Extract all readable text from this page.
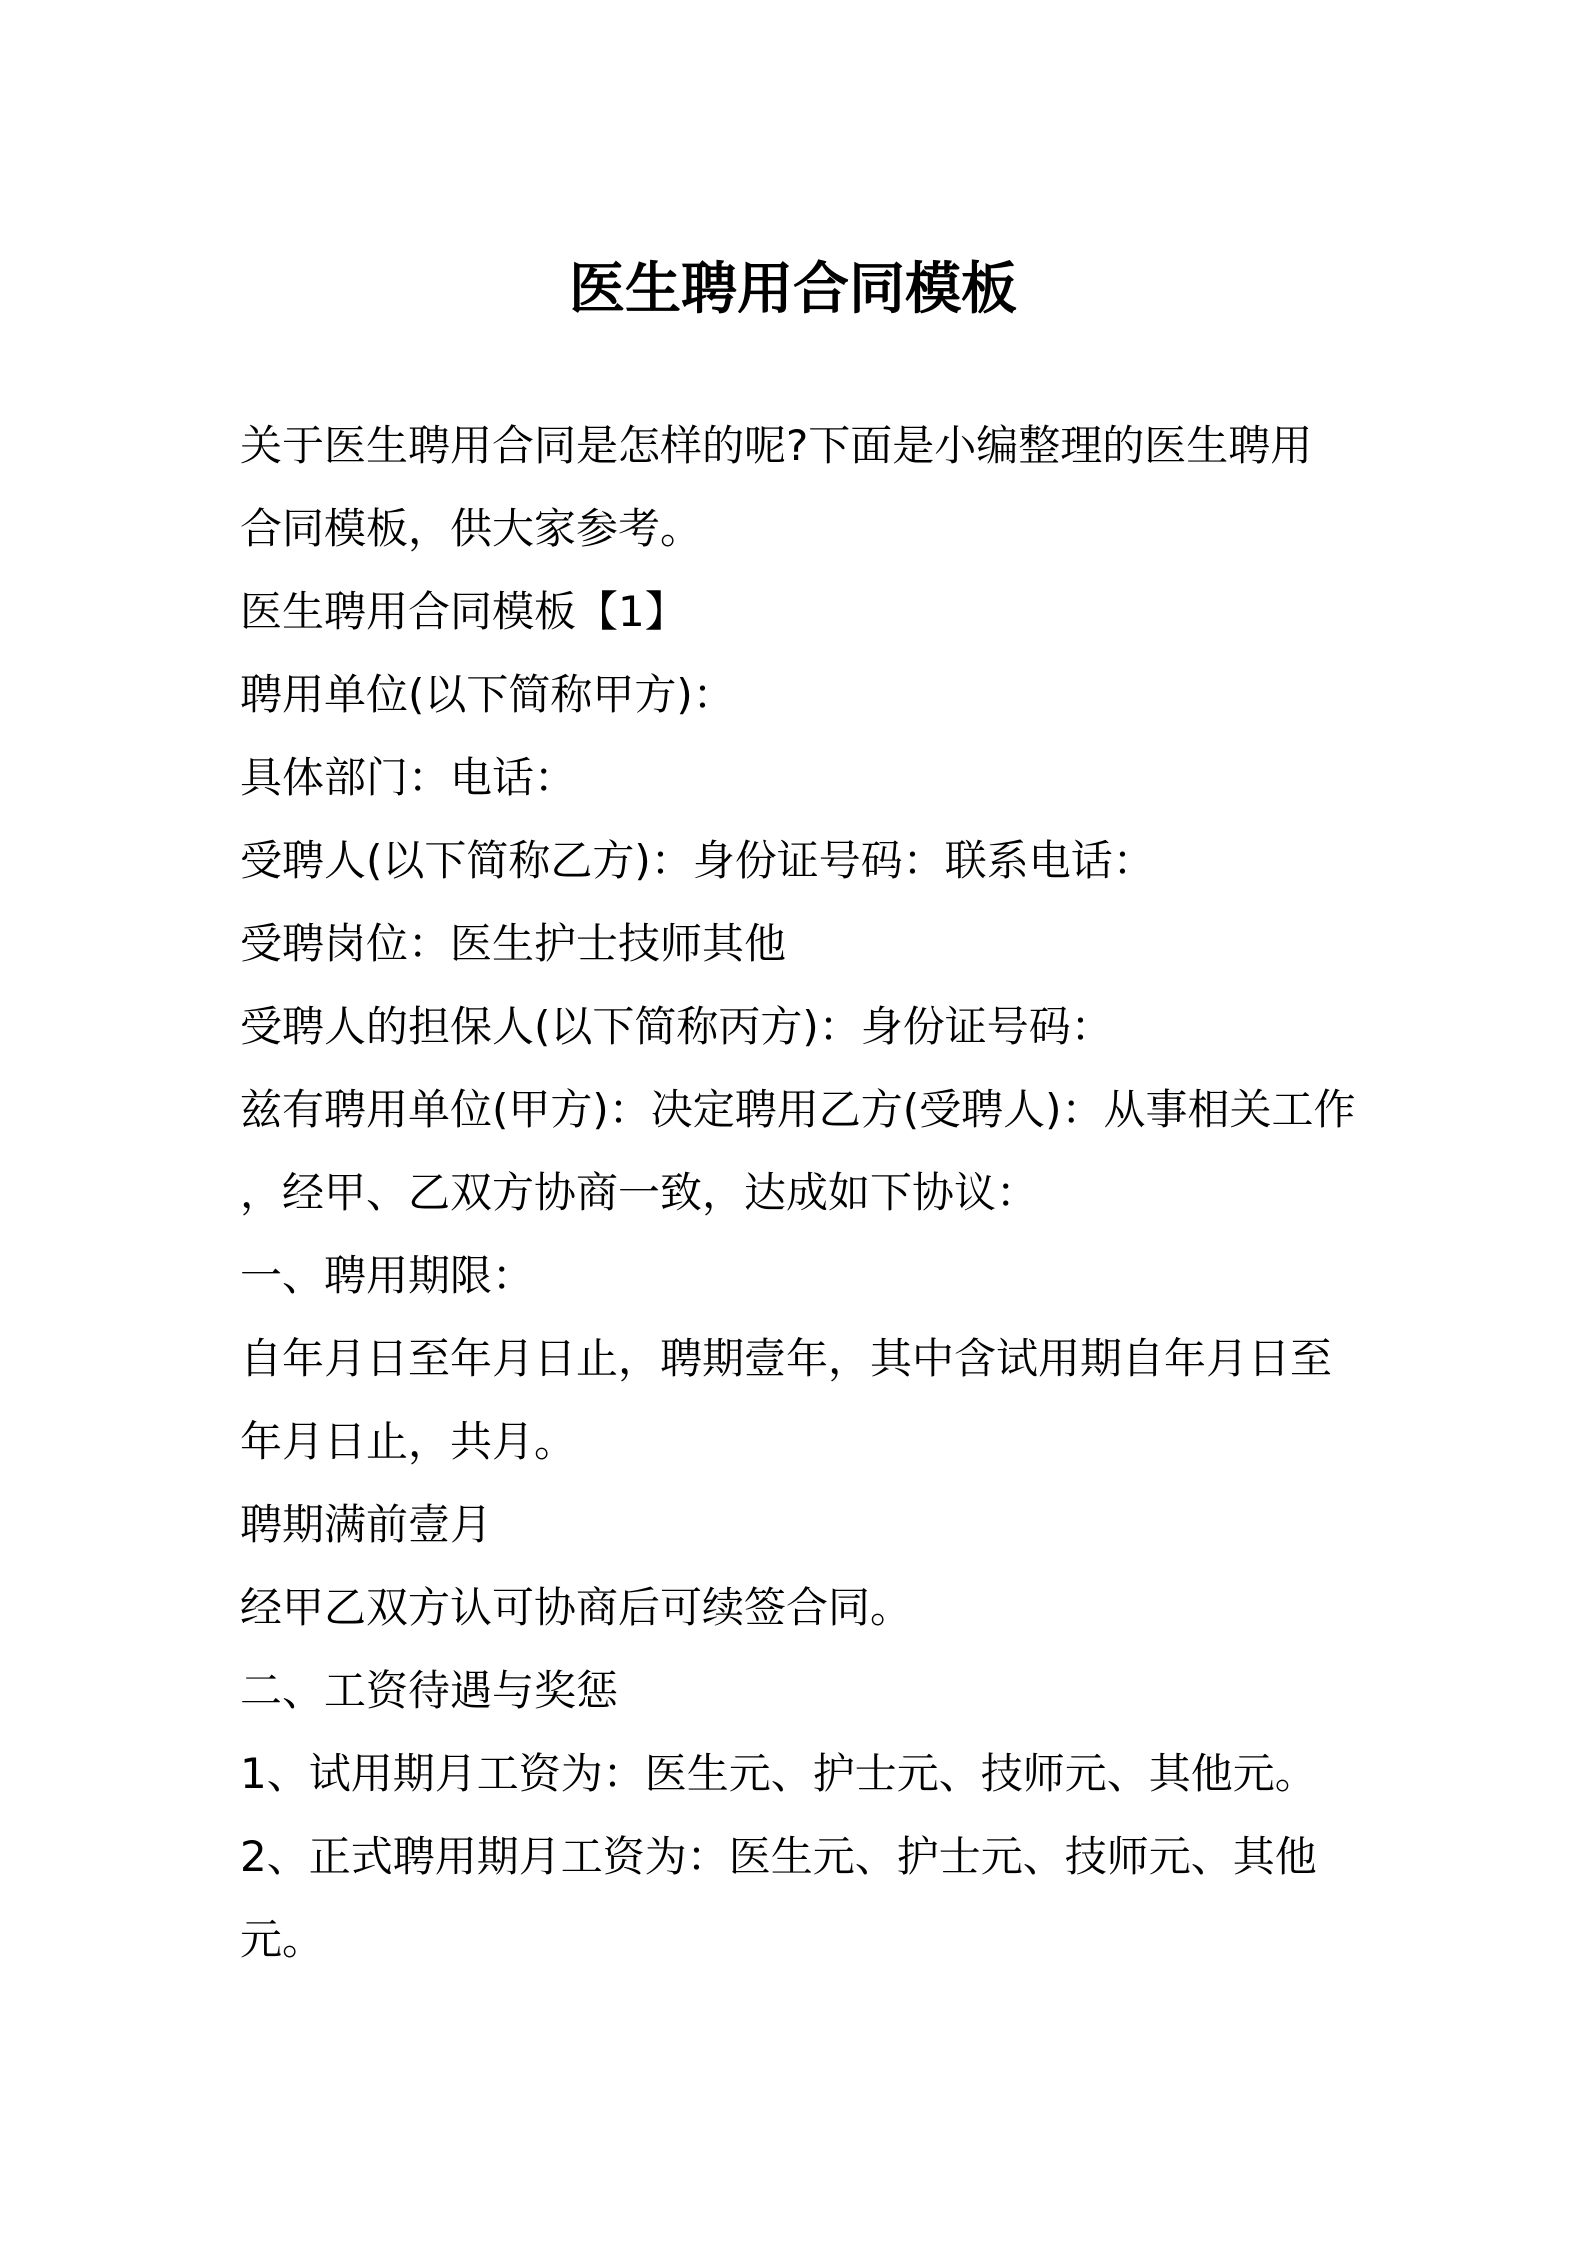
医生聘用合同模板

关于医生聘用合同是怎样的呢?下面是小编整理的医生聘用

合同模板，供大家参考。

医生聘用合同模板【1】

聘用单位(以下简称甲方)：

具体部门：电话：

受聘人(以下简称乙方)：身份证号码：联系电话：

受聘岗位：医生护士技师其他

受聘人的担保人(以下简称丙方)：身份证号码：

兹有聘用单位(甲方)：决定聘用乙方(受聘人)：从事相关工作

，经甲、乙双方协商一致，达成如下协议：

一、聘用期限：

自年月日至年月日止，聘期壹年，其中含试用期自年月日至

年月日止，共月。

聘期满前壹月

经甲乙双方认可协商后可续签合同。

二、工资待遇与奖惩

1、试用期月工资为：医生元、护士元、技师元、其他元。

2、正式聘用期月工资为：医生元、护士元、技师元、其他

元。
